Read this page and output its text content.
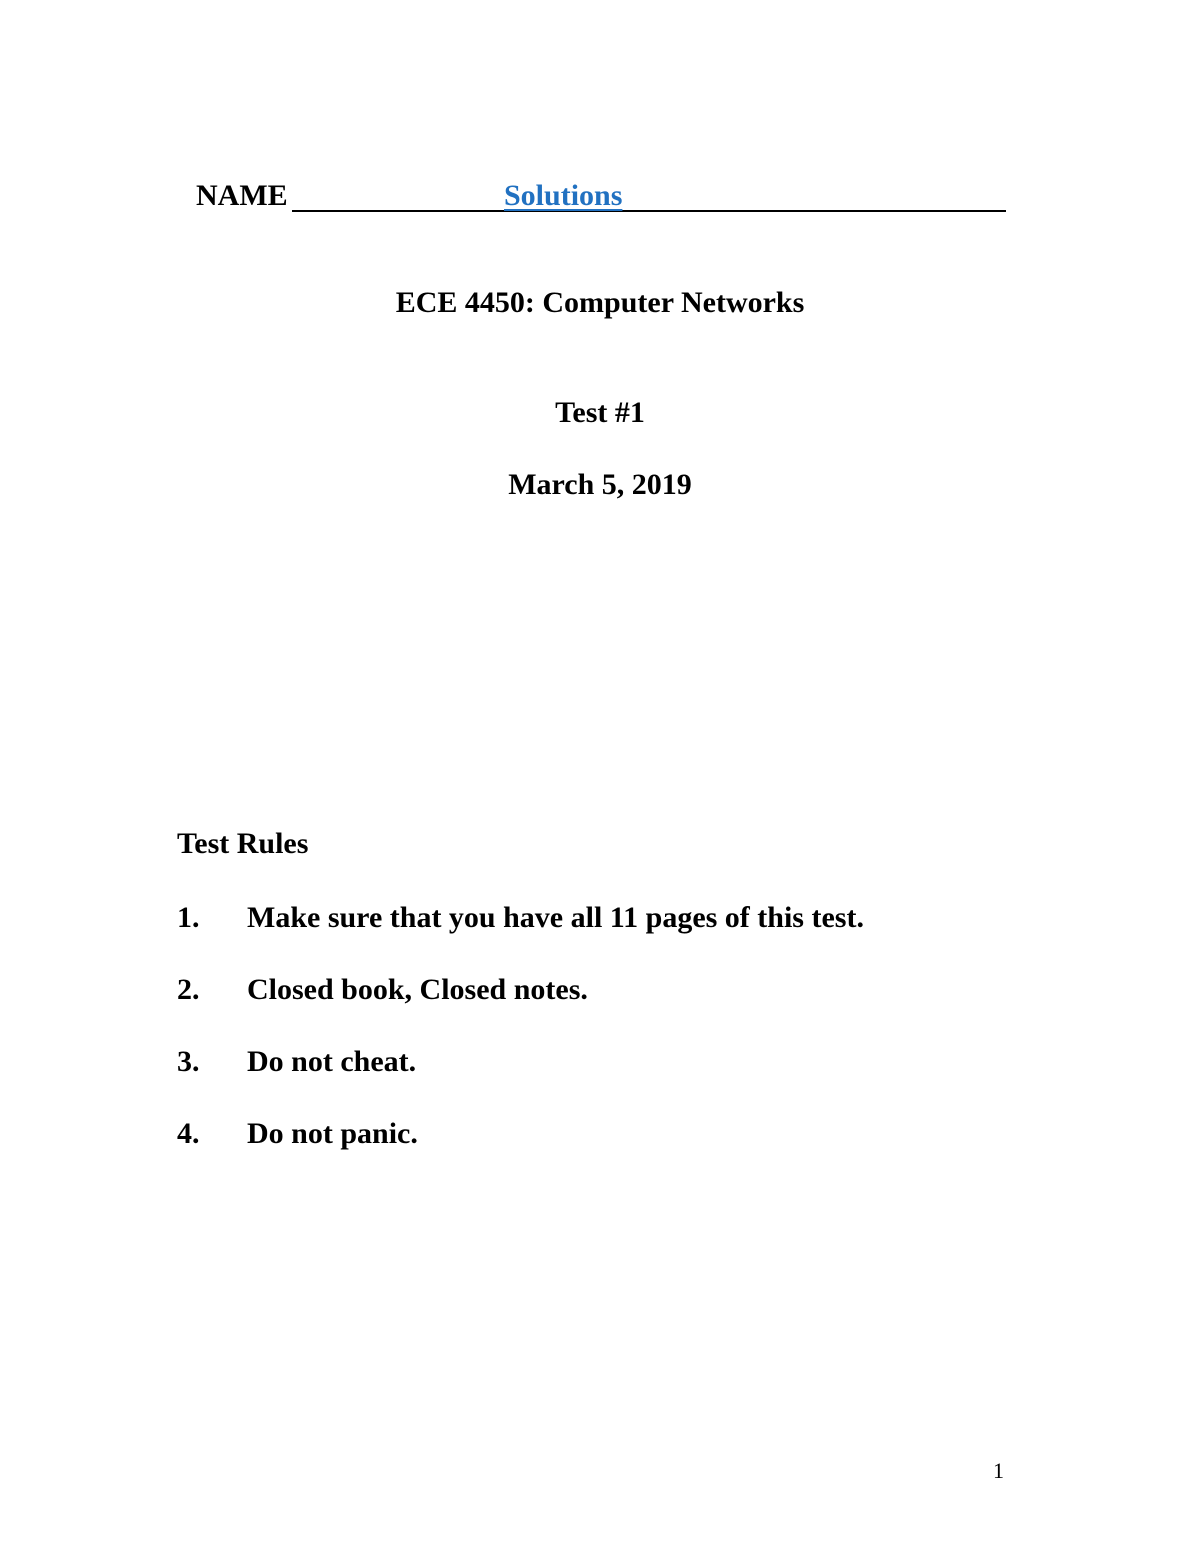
NAME	Solutions
ECE 4450: Computer Networks
Test #1
March 5, 2019
Test Rules
1. Make sure that you have all 11 pages of this test.
2. Closed book, Closed notes.
3. Do not cheat.
4. Do not panic.
1
